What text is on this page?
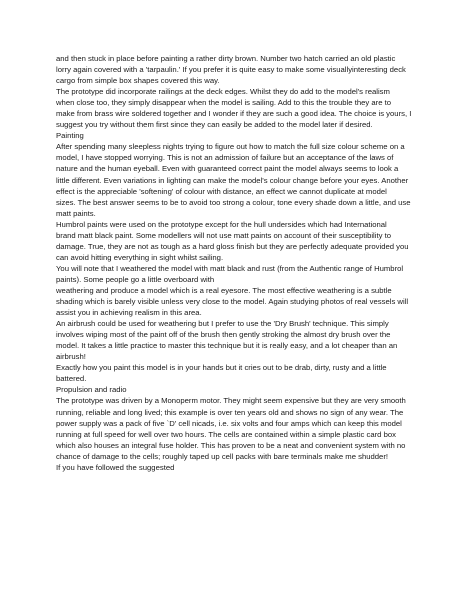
and then stuck in place before painting a rather dirty brown. Number two hatch carried an old plastic

lorry again covered with a 'tarpaulin.' If you prefer it is quite easy to make some visuallyinteresting deck

cargo from simple box shapes covered this way.

The prototype did incorporate railings at the deck edges. Whilst they do add to the model's realism

when close too, they simply disappear when the model is sailing. Add to this the trouble they are to

make from brass wire soldered together and I wonder if they are such a good idea. The choice is yours, I

suggest you try without them first since they can easily be added to the model later if desired.

Painting

After spending many sleepless nights trying to figure out how to match the full size colour scheme on a

model, I have stopped worrying. This is not an admission of failure but an acceptance of the laws of

nature and the human eyeball. Even with guaranteed correct paint the model always seems to look a

little different. Even variations in lighting can make the model's colour change before your eyes. Another

effect is the appreciable 'softening' of colour with distance, an effect we cannot duplicate at model

sizes. The best answer seems to be to avoid too strong a colour, tone every shade down a little, and use

matt paints.

Humbrol paints were used on the prototype except for the hull undersides which had International

brand matt black paint. Some modellers will not use matt paints on account of their susceptibility to

damage. True, they are not as tough as a hard gloss finish but they are perfectly adequate provided you

can avoid hitting everything in sight whilst sailing.

You will note that I weathered the model with matt black and rust (from the Authentic range of Humbrol

paints). Some people go a little overboard with

weathering and produce a model which is a real eyesore. The most effective weathering is a subtle

shading which is barely visible unless very close to the model. Again studying photos of real vessels will

assist you in achieving realism in this area.

An airbrush could be used for weathering but I prefer to use the 'Dry Brush' technique. This simply

involves wiping most of the paint off of the brush then gently stroking the almost dry brush over the

model. It takes a little practice to master this technique but it is really easy, and a lot cheaper than an

airbrush!

Exactly how you paint this model is in your hands but it cries out to be drab, dirty, rusty and a little

battered.

Propulsion and radio

The prototype was driven by a Monoperm motor. They might seem expensive but they are very smooth

running, reliable and long lived; this example is over ten years old and shows no sign of any wear. The

power supply was a pack of five `D' cell nicads, i.e. six volts and four amps which can keep this model

running at full speed for well over two hours. The cells are contained within a simple plastic card box

which also houses an integral fuse holder. This has proven to be a neat and convenient system with no

chance of damage to the cells; roughly taped up cell packs with bare terminals make me shudder!

If you have followed the suggested
